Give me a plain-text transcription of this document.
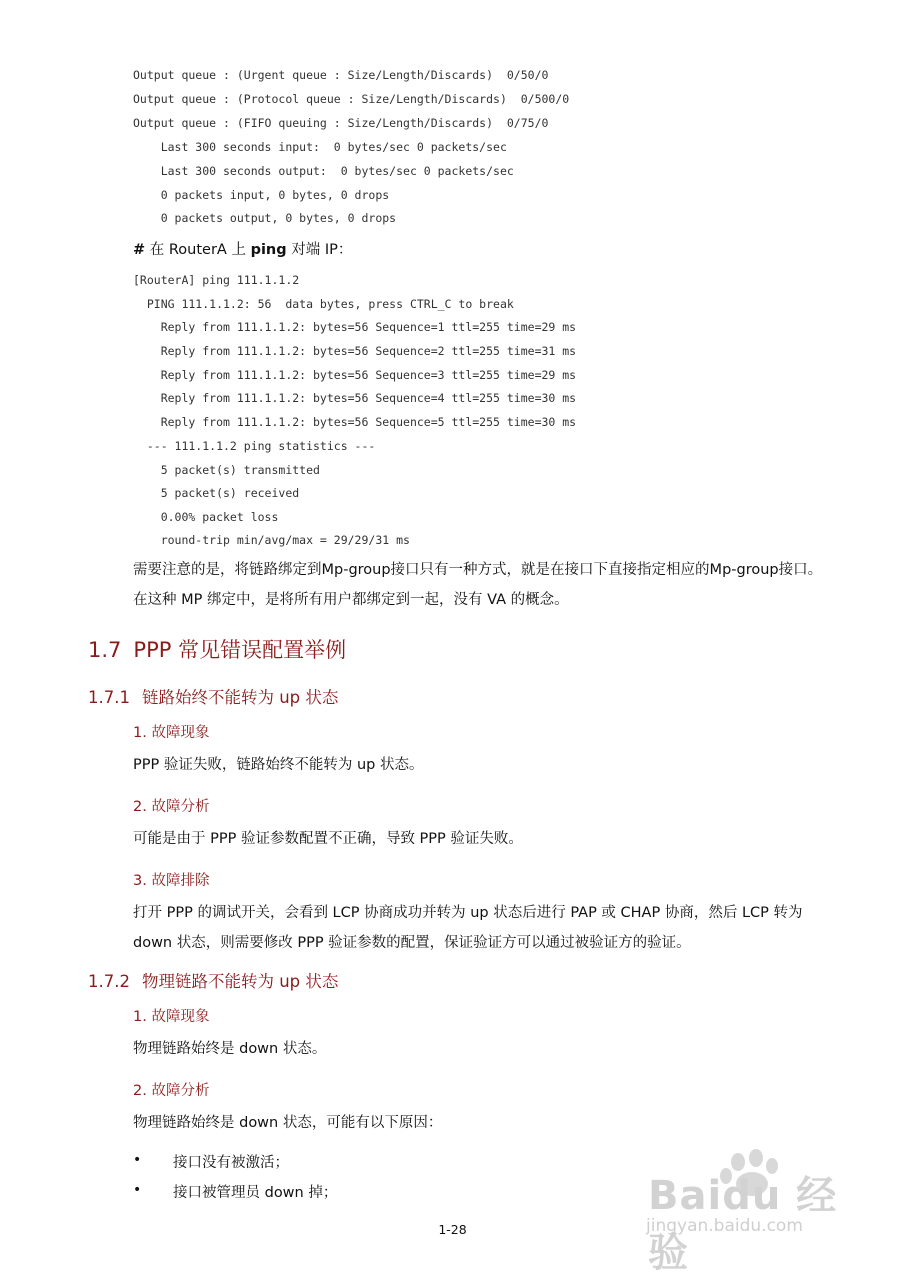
Output queue : (Urgent queue : Size/Length/Discards)  0/50/0
Output queue : (Protocol queue : Size/Length/Discards)  0/500/0
Output queue : (FIFO queuing : Size/Length/Discards)  0/75/0
Last 300 seconds input:  0 bytes/sec 0 packets/sec
Last 300 seconds output:  0 bytes/sec 0 packets/sec
0 packets input, 0 bytes, 0 drops
0 packets output, 0 bytes, 0 drops
# 在 RouterA 上 ping 对端 IP：
[RouterA] ping 111.1.1.2
PING 111.1.1.2: 56  data bytes, press CTRL_C to break
Reply from 111.1.1.2: bytes=56 Sequence=1 ttl=255 time=29 ms
Reply from 111.1.1.2: bytes=56 Sequence=2 ttl=255 time=31 ms
Reply from 111.1.1.2: bytes=56 Sequence=3 ttl=255 time=29 ms
Reply from 111.1.1.2: bytes=56 Sequence=4 ttl=255 time=30 ms
Reply from 111.1.1.2: bytes=56 Sequence=5 ttl=255 time=30 ms
--- 111.1.1.2 ping statistics ---
5 packet(s) transmitted
5 packet(s) received
0.00% packet loss
round-trip min/avg/max = 29/29/31 ms
需要注意的是，将链路绑定到Mp-group接口只有一种方式，就是在接口下直接指定相应的Mp-group接口。在这种 MP 绑定中，是将所有用户都绑定到一起，没有 VA 的概念。
1.7 PPP 常见错误配置举例
1.7.1 链路始终不能转为 up 状态
1. 故障现象
PPP 验证失败，链路始终不能转为 up 状态。
2. 故障分析
可能是由于 PPP 验证参数配置不正确，导致 PPP 验证失败。
3. 故障排除
打开 PPP 的调试开关，会看到 LCP 协商成功并转为 up 状态后进行 PAP 或 CHAP 协商，然后 LCP 转为 down 状态，则需要修改 PPP 验证参数的配置，保证验证方可以通过被验证方的验证。
1.7.2 物理链路不能转为 up 状态
1. 故障现象
物理链路始终是 down 状态。
2. 故障分析
物理链路始终是 down 状态，可能有以下原因：
• 接口没有被激活；
• 接口被管理员 down 掉；	Baidu 经验
jingyan.baidu.com
1-28
